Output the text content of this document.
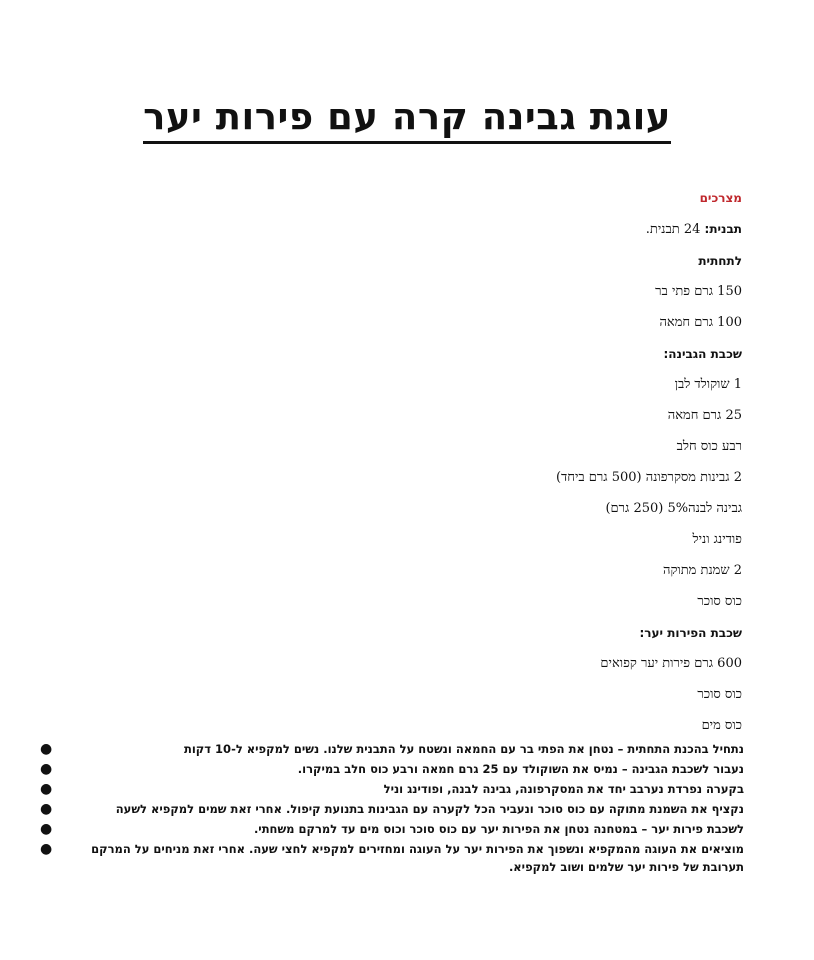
עוגת גבינה קרה עם פירות יער
מצרכים
תבנית: 24 תבנית.
לתחתית
150 גרם פתי בר
100 גרם חמאה
שכבת הגבינה:
1 שוקולד לבן
25 גרם חמאה
רבע כוס חלב
2 גבינות מסקרפונה (500 גרם ביחד)
גבינה לבנה5% (250 גרם)
פודינג וניל
2 שמנת מתוקה
כוס סוכר
שכבת הפירות יער:
600 גרם פירות יער קפואים
כוס סוכר
כוס מים
●	נתחיל בהכנת התחתית – נטחן את הפתי בר עם החמאה ונשטח על התבנית שלנו. נשים למקפיא ל-10 דקות
●	נעבור לשכבת הגבינה – נמיס את השוקולד עם 25 גרם חמאה ורבע כוס חלב במיקרו.
●	בקערה נפרדת נערבב יחד את המסקרפונה, גבינה לבנה, ופודינג וניל
●	נקציף את השמנת מתוקה עם כוס סוכר ונעביר הכל לקערה עם הגבינות בתנועת קיפול. אחרי זאת שמים למקפיא לשעה
●	לשכבת פירות יער – במטחנה נטחן את הפירות יער עם כוס סוכר וכוס מים עד למרקם משחתי.
●	מוציאים את העוגה מהמקפיא ונשפוך את הפירות יער על העוגה ומחזירים למקפיא לחצי שעה. אחרי זאת מניחים על המרקם תערובת של פירות יער שלמים ושוב למקפיא.
